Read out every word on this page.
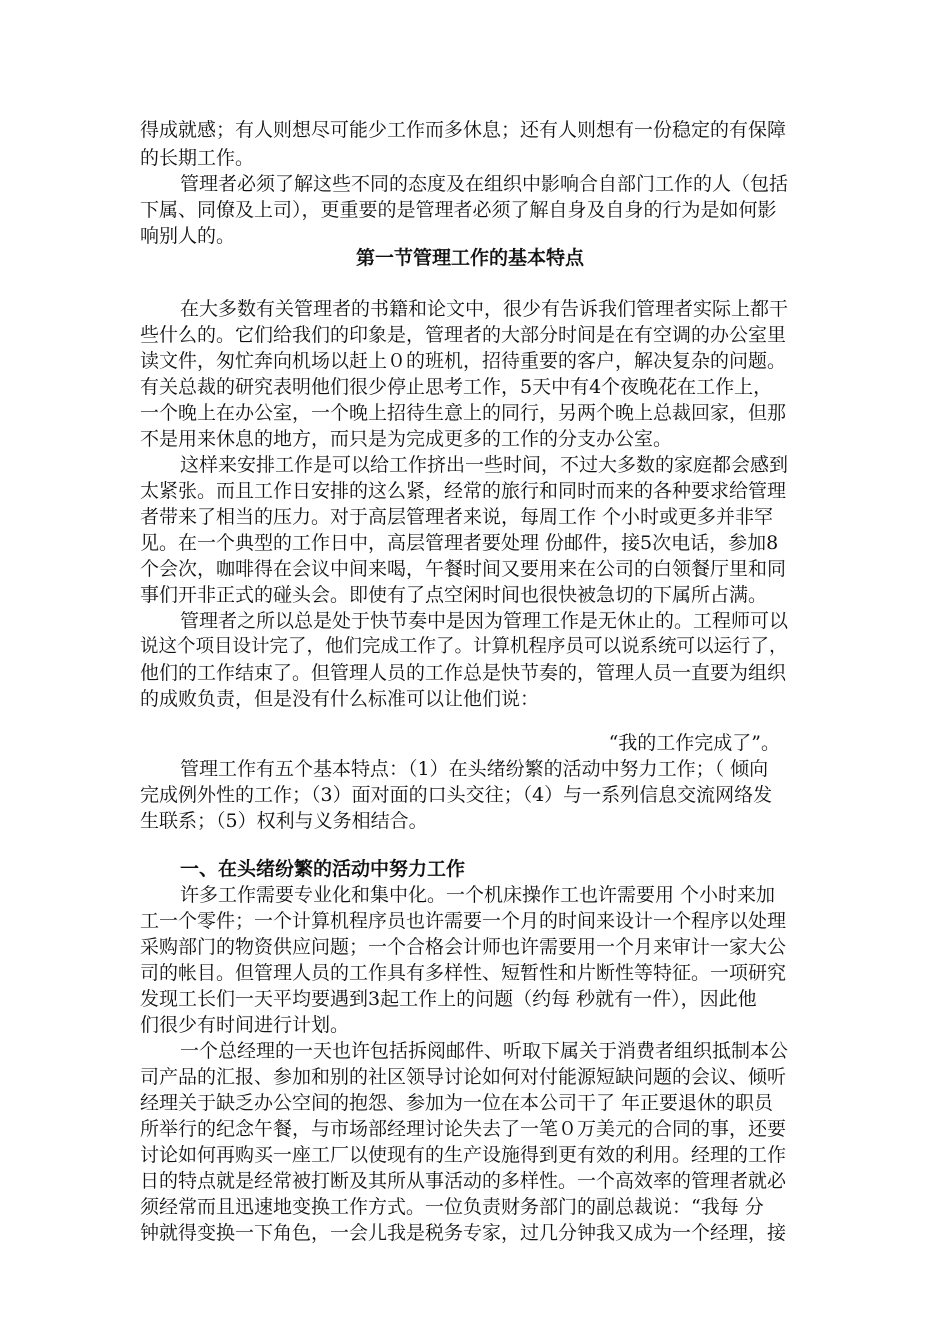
得成就感；有人则想尽可能少工作而多休息；还有人则想有一份稳定的有保障
的长期工作。
管理者必须了解这些不同的态度及在组织中影响合自部门工作的人（包括
下属、同僚及上司），更重要的是管理者必须了解自身及自身的行为是如何影
响别人的。
第一节管理工作的基本特点
在大多数有关管理者的书籍和论文中，很少有告诉我们管理者实际上都干
些什么的。它们给我们的印象是，管理者的大部分时间是在有空调的办公室里
读文件，匆忙奔向机场以赶上０的班机，招待重要的客户，解决复杂的问题。
有关总裁的研究表明他们很少停止思考工作，5天中有4个夜晚花在工作上，
一个晚上在办公室，一个晚上招待生意上的同行，另两个晚上总裁回家，但那
不是用来休息的地方，而只是为完成更多的工作的分支办公室。
这样来安排工作是可以给工作挤出一些时间，不过大多数的家庭都会感到
太紧张。而且工作日安排的这么紧，经常的旅行和同时而来的各种要求给管理
者带来了相当的压力。对于高层管理者来说，每周工作 个小时或更多并非罕
见。在一个典型的工作日中，高层管理者要处理 份邮件，接5次电话，参加8
个会次，咖啡得在会议中间来喝，午餐时间又要用来在公司的白领餐厅里和同
事们开非正式的碰头会。即使有了点空闲时间也很快被急切的下属所占满。
管理者之所以总是处于快节奏中是因为管理工作是无休止的。工程师可以
说这个项目设计完了，他们完成工作了。计算机程序员可以说系统可以运行了，
他们的工作结束了。但管理人员的工作总是快节奏的，管理人员一直要为组织
的成败负责，但是没有什么标准可以让他们说：
“我的工作完成了”。
管理工作有五个基本特点：（1）在头绪纷繁的活动中努力工作；（ 倾向
完成例外性的工作；（3）面对面的口头交往；（4）与一系列信息交流网络发
生联系；（5）权利与义务相结合。
一、在头绪纷繁的活动中努力工作
许多工作需要专业化和集中化。一个机床操作工也许需要用 个小时来加
工一个零件；一个计算机程序员也许需要一个月的时间来设计一个程序以处理
采购部门的物资供应问题；一个合格会计师也许需要用一个月来审计一家大公
司的帐目。但管理人员的工作具有多样性、短暂性和片断性等特征。一项研究
发现工长们一天平均要遇到3起工作上的问题（约每 秒就有一件），因此他
们很少有时间进行计划。
一个总经理的一天也许包括拆阅邮件、听取下属关于消费者组织抵制本公
司产品的汇报、参加和别的社区领导讨论如何对付能源短缺问题的会议、倾听
经理关于缺乏办公空间的抱怨、参加为一位在本公司干了 年正要退休的职员
所举行的纪念午餐，与市场部经理讨论失去了一笔０万美元的合同的事，还要
讨论如何再购买一座工厂以使现有的生产设施得到更有效的利用。经理的工作
日的特点就是经常被打断及其所从事活动的多样性。一个高效率的管理者就必
须经常而且迅速地变换工作方式。一位负责财务部门的副总裁说：“我每 分
钟就得变换一下角色，一会儿我是税务专家，过几分钟我又成为一个经理，接
